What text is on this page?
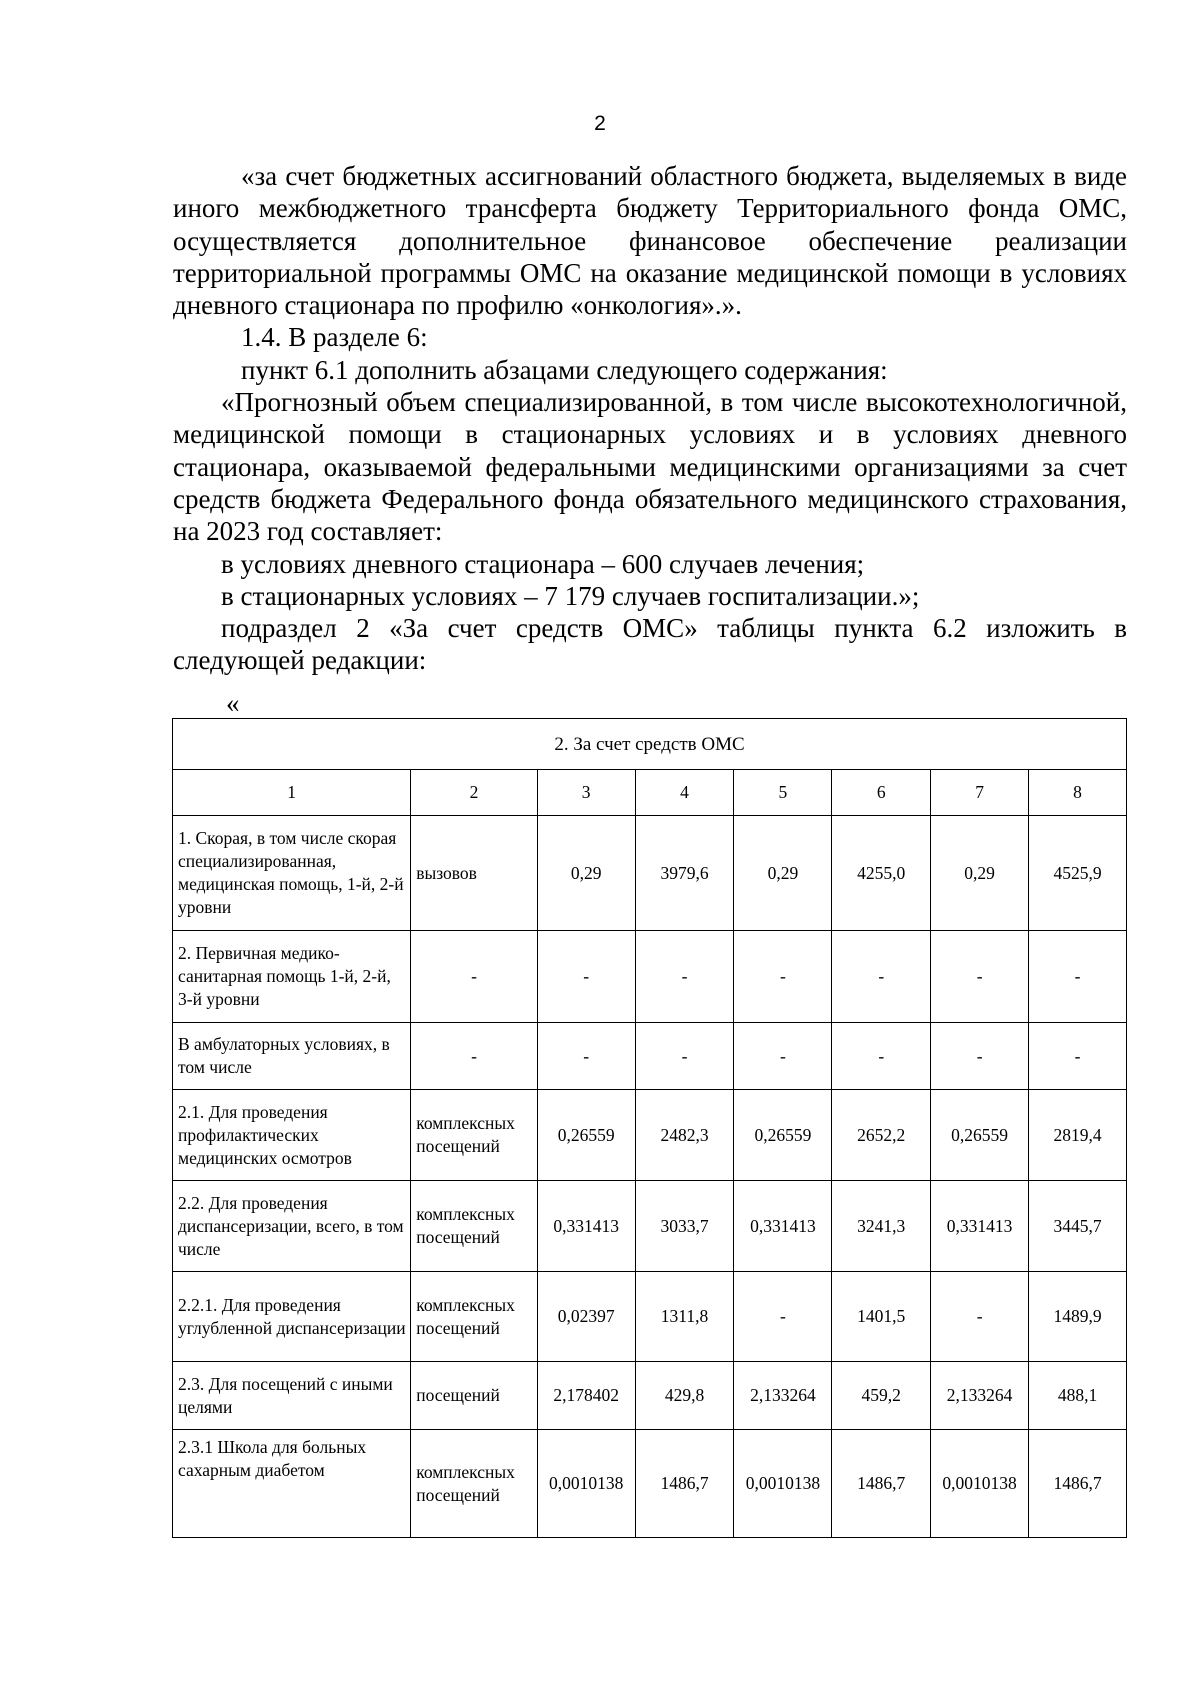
2

«за счет бюджетных ассигнований областного бюджета, выделяемых в виде иного межбюджетного трансферта бюджету Территориального фонда ОМС, осуществляется дополнительное финансовое обеспечение реализации территориальной программы ОМС на оказание медицинской помощи в условиях дневного стационара по профилю «онкология».».

1.4. В разделе 6:

пункт 6.1 дополнить абзацами следующего содержания:

«Прогнозный объем специализированной, в том числе высокотехнологичной, медицинской помощи в стационарных условиях и в условиях дневного стационара, оказываемой федеральными медицинскими организациями за счет средств бюджета Федерального фонда обязательного медицинского страхования, на 2023 год составляет:

в условиях дневного стационара – 600 случаев лечения;

в стационарных условиях – 7 179 случаев госпитализации.»;

подраздел 2 «За счет средств ОМС» таблицы пункта 6.2 изложить в следующей редакции:

«
2. За счет средств ОМС							
1	2	3	4	5	6	7	8
1. Скорая, в том числе скорая специализированная, медицинская помощь, 1-й, 2-й уровни	вызовов	0,29	3979,6	0,29	4255,0	0,29	4525,9
2. Первичная медико-санитарная помощь 1-й, 2-й, 3-й уровни	-	-	-	-	-	-	-
В амбулаторных условиях, в том числе	-	-	-	-	-	-	-
2.1. Для проведения профилактических медицинских осмотров	комплексных посещений	0,26559	2482,3	0,26559	2652,2	0,26559	2819,4
2.2. Для проведения диспансеризации, всего, в том числе	комплексных посещений	0,331413	3033,7	0,331413	3241,3	0,331413	3445,7
2.2.1. Для проведения углубленной диспансеризации	комплексных посещений	0,02397	1311,8	-	1401,5	-	1489,9
2.3. Для посещений с иными целями	посещений	2,178402	429,8	2,133264	459,2	2,133264	488,1
2.3.1 Школа для больных сахарным диабетом	комплексных посещений	0,0010138	1486,7	0,0010138	1486,7	0,0010138	1486,7
